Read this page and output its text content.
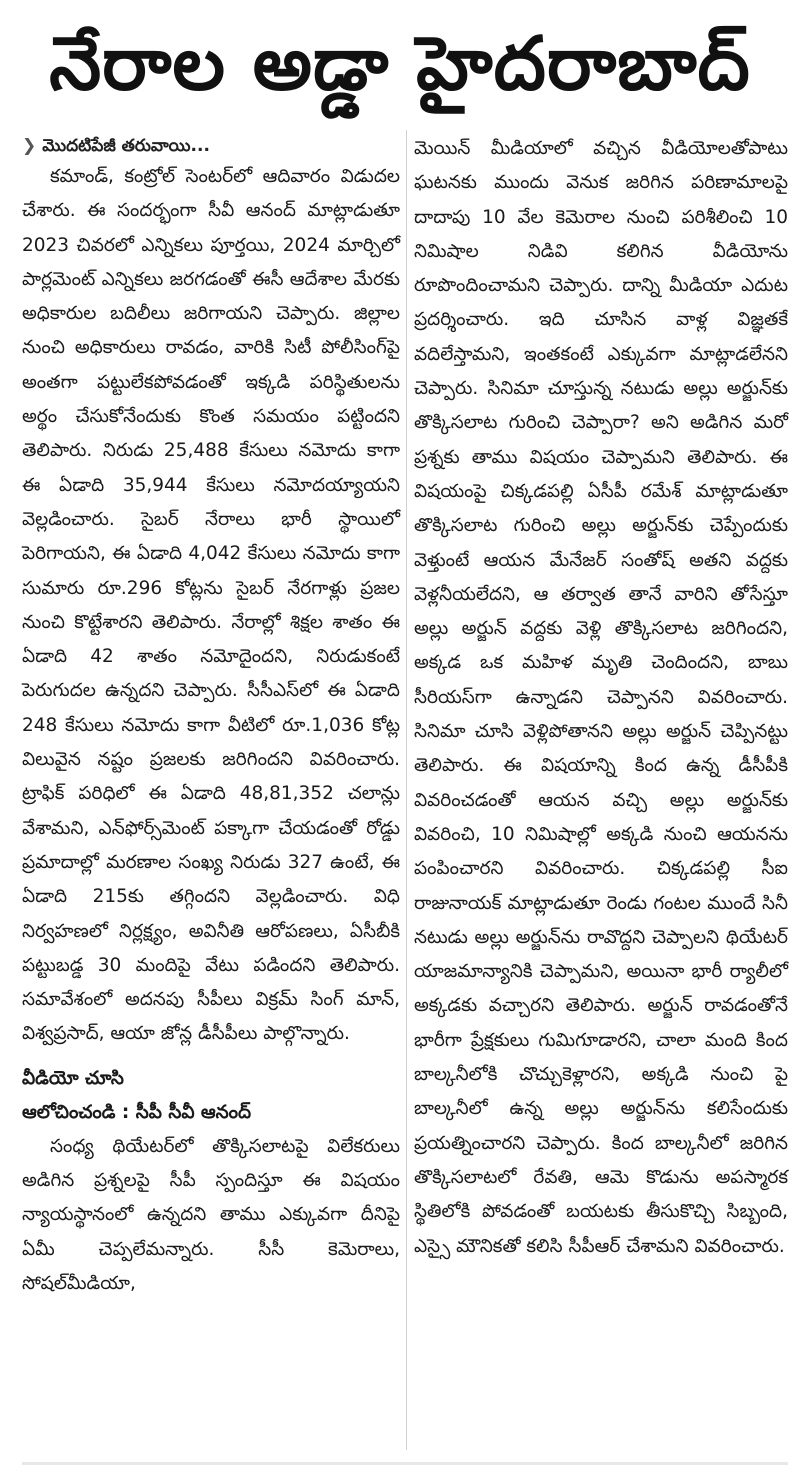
నేరాల అడ్డా హైదరాబాద్
❯ మొదటిపేజీ తరువాయి...

కమాండ్, కంట్రోల్ సెంటర్‌లో ఆదివారం విడుదల చేశారు. ఈ సందర్భంగా సీవీ ఆనంద్ మాట్లాడుతూ 2023 చివరలో ఎన్నికలు పూర్తయి, 2024 మార్చిలో పార్లమెంట్ ఎన్నికలు జరగడంతో ఈసీ ఆదేశాల మేరకు అధికారుల బదిలీలు జరిగాయని చెప్పారు. జిల్లాల నుంచి అధికారులు రావడం, వారికి సిటీ పోలీసింగ్‌పై అంతగా పట్టులేకపోవడంతో ఇక్కడి పరిస్థితులను అర్థం చేసుకోనేందుకు కొంత సమయం పట్టిందని తెలిపారు. నిరుడు 25,488 కేసులు నమోదు కాగా ఈ ఏడాది 35,944 కేసులు నమోదయ్యాయని వెల్లడించారు. సైబర్ నేరాలు భారీ స్థాయిలో పెరిగాయని, ఈ ఏడాది 4,042 కేసులు నమోదు కాగా సుమారు రూ.296 కోట్లను సైబర్ నేరగాళ్లు ప్రజల నుంచి కొట్టేశారని తెలిపారు. నేరాల్లో శిక్షల శాతం ఈ ఏడాది 42 శాతం నమోదైందని, నిరుడుకంటే పెరుగుదల ఉన్నదని చెప్పారు. సీసీఎస్‌లో ఈ ఏడాది 248 కేసులు నమోదు కాగా వీటిలో రూ.1,036 కోట్ల విలువైన నష్టం ప్రజలకు జరిగిందని వివరించారు. ట్రాఫిక్ పరిధిలో ఈ ఏడాది 48,81,352 చలాన్లు వేశామని, ఎన్‌ఫోర్స్‌మెంట్ పక్కాగా చేయడంతో రోడ్డు ప్రమాదాల్లో మరణాల సంఖ్య నిరుడు 327 ఉంటే, ఈ ఏడాది 215కు తగ్గిందని వెల్లడించారు. విధి నిర్వహణలో నిర్లక్ష్యం, అవినీతి ఆరోపణలు, ఏసీబీకి పట్టుబడ్డ 30 మందిపై వేటు పడిందని తెలిపారు. సమావేశంలో అదనపు సీపీలు విక్రమ్ సింగ్ మాన్, విశ్వప్రసాద్, ఆయా జోన్ల డీసీపీలు పాల్గొన్నారు.

వీడియో చూసి

ఆలోచించండి : సీపీ సీవీ ఆనంద్

సంధ్య థియేటర్‌లో తొక్కిసలాటపై విలేకరులు అడిగిన ప్రశ్నలపై సీపీ స్పందిస్తూ ఈ విషయం న్యాయస్థానంలో ఉన్నదని తాము ఎక్కువగా దీనిపై ఏమీ చెప్పలేమన్నారు. సీసీ కెమెరాలు, సోషల్‌మీడియా,

మెయిన్ మీడియాలో వచ్చిన వీడియోలతోపాటు ఘటనకు ముందు వెనుక జరిగిన పరిణామాలపై దాదాపు 10 వేల కెమెరాల నుంచి పరిశీలించి 10 నిమిషాల నిడివి కలిగిన వీడియోను రూపొందించామని చెప్పారు. దాన్ని మీడియా ఎదుట ప్రదర్శించారు. ఇది చూసిన వాళ్ల విజ్ఞతకే వదిలేస్తామని, ఇంతకంటే ఎక్కువగా మాట్లాడలేనని చెప్పారు. సినిమా చూస్తున్న నటుడు అల్లు అర్జున్‌కు తొక్కిసలాట గురించి చెప్పారా? అని అడిగిన మరో ప్రశ్నకు తాము విషయం చెప్పామని తెలిపారు. ఈ విషయంపై చిక్కడపల్లి ఏసీపీ రమేశ్ మాట్లాడుతూ తొక్కిసలాట గురించి అల్లు అర్జున్‌కు చెప్పేందుకు వెళ్తుంటే ఆయన మేనేజర్ సంతోష్ అతని వద్దకు వెళ్లనీయలేదని, ఆ తర్వాత తానే వారిని తోసేస్తూ అల్లు అర్జున్ వద్దకు వెళ్లి తొక్కిసలాట జరిగిందని, అక్కడ ఒక మహిళ మృతి చెందిందని, బాబు సీరియస్‌గా ఉన్నాడని చెప్పానని వివరించారు. సినిమా చూసి వెళ్లిపోతానని అల్లు అర్జున్ చెప్పినట్టు తెలిపారు. ఈ విషయాన్ని కింద ఉన్న డీసీపీకి వివరించడంతో ఆయన వచ్చి అల్లు అర్జున్‌కు వివరించి, 10 నిమిషాల్లో అక్కడి నుంచి ఆయనను పంపించారని వివరించారు. చిక్కడపల్లి సీఐ రాజునాయక్ మాట్లాడుతూ రెండు గంటల ముందే సినీ నటుడు అల్లు అర్జున్‌ను రావొద్దని చెప్పాలని థియేటర్ యాజమాన్యానికి చెప్పామని, అయినా భారీ ర్యాలీలో అక్కడకు వచ్చారని తెలిపారు. అర్జున్ రావడంతోనే భారీగా ప్రేక్షకులు గుమిగూడారని, చాలా మంది కింద బాల్కనీలోకి చొచ్చుకెళ్లారని, అక్కడి నుంచి పై బాల్కనీలో ఉన్న అల్లు అర్జున్‌ను కలిసేందుకు ప్రయత్నించారని చెప్పారు. కింద బాల్కనీలో జరిగిన తొక్కిసలాటలో రేవతి, ఆమె కొడును అపస్మారక స్థితిలోకి పోవడంతో బయటకు తీసుకొచ్చి సిబ్బంది, ఎస్సై మౌనికతో కలిసి సీపీఆర్ చేశామని వివరించారు.
